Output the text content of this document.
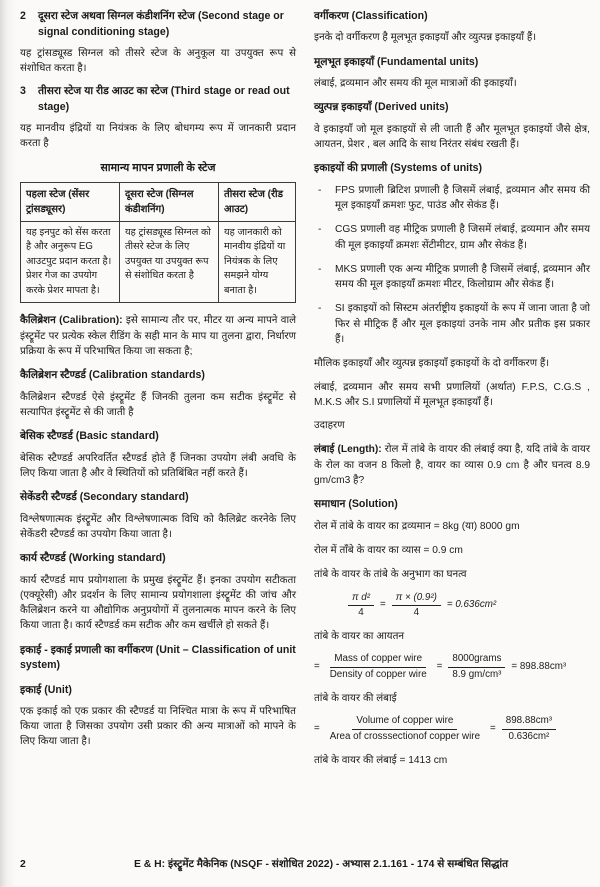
2 दूसरा स्टेज अथवा सिग्नल कंडीशनिंग स्टेज (Second stage or signal conditioning stage)

यह ट्रांसड्यूस्ड सिग्नल को तीसरे स्टेज के अनुकूल या उपयुक्त रूप से संशोधित करता है।

3 तीसरा स्टेज या रीड आउट का स्टेज (Third stage or read out stage)

यह मानवीय इंद्रियों या नियंत्रक के लिए बोधगम्य रूप में जानकारी प्रदान करता है

सामान्य मापन प्रणाली के स्टेज
पहला स्टेज (सेंसर ट्रांसड्यूसर)	दूसरा स्टेज (सिग्नल कंडीशनिंग)	तीसरा स्टेज (रीड आउट)
यह इनपुट को सेंस करता है और अनुरूप EG आउटपुट प्रदान करता है। प्रेशर गेज का उपयोग करके प्रेशर मापता है।	यह ट्रांसड्यूस्ड सिग्नल को तीसरे स्टेज के लिए उपयुक्त या उपयुक्त रूप से संशोधित करता है	यह जानकारी को मानवीय इंद्रियों या नियंत्रक के लिए समझने योग्य बनाता है।

कैलिब्रेशन (Calibration): इसे सामान्य तौर पर, मीटर या अन्य मापने वाले इंस्ट्रूमेंट पर प्रत्येक स्केल रीडिंग के सही मान के माप या तुलना द्वारा, निर्धारण प्रक्रिया के रूप में परिभाषित किया जा सकता है;

कैलिब्रेशन स्टैण्डर्ड (Calibration standards)

कैलिब्रेशन स्टैण्डर्ड ऐसे इंस्ट्रूमेंट हैं जिनकी तुलना कम सटीक इंस्ट्रूमेंट से सत्यापित इंस्ट्रूमेंट से की जाती है

बेसिक स्टैण्डर्ड (Basic standard)

बेसिक स्टैण्डर्ड अपरिवर्तित स्टैण्डर्ड होते हैं जिनका उपयोग लंबी अवधि के लिए किया जाता है और वे स्थितियों को प्रतिबिंबित नहीं करते हैं।

सेकेंडरी स्टैण्डर्ड (Secondary standard)

विश्लेषणात्मक इंस्ट्रूमेंट और विश्लेषणात्मक विधि को कैलिब्रेट करनेके लिए सेकेंडरी स्टैण्डर्ड का उपयोग किया जाता है।

कार्य स्टैण्डर्ड (Working standard)

कार्य स्टैण्डर्ड माप प्रयोगशाला के प्रमुख इंस्ट्रूमेंट हैं। इनका उपयोग सटीकता (एक्यूरेसी) और प्रदर्शन के लिए सामान्य प्रयोगशाला इंस्ट्रूमेंट की जांच और कैलिब्रेशन करने या औद्योगिक अनुप्रयोगों में तुलनात्मक मापन करने के लिए किया जाता है। कार्य स्टैण्डर्ड कम सटीक और कम खर्चीले हो सकते हैं।

इकाई - इकाई प्रणाली का वर्गीकरण (Unit – Classification of unit system)
इकाई (Unit)

एक इकाई को एक प्रकार की स्टैण्डर्ड या निश्चित मात्रा के रूप में परिभाषित किया जाता है जिसका उपयोग उसी प्रकार की अन्य मात्राओं को मापने के लिए किया जाता है।

वर्गीकरण (Classification)

इनके दो वर्गीकरण है मूलभूत इकाइयाँ और व्युत्पन्न इकाइयाँ हैं।

मूलभूत इकाइयाँ (Fundamental units)

लंबाई, द्रव्यमान और समय की मूल मात्राओं की इकाइयाँ।

व्युत्पन्न इकाइयाँ (Derived units)

वे इकाइयाँ जो मूल इकाइयों से ली जाती हैं और मूलभूत इकाइयों जैसे क्षेत्र, आयतन, प्रेशर , बल आदि के साथ निरंतर संबंध रखती हैं।

इकाइयों की प्रणाली (Systems of units)
- FPS प्रणाली ब्रिटिश प्रणाली है जिसमें लंबाई, द्रव्यमान और समय की मूल इकाइयाँ क्रमशः फुट, पाउंड और सेकंड हैं।
- CGS प्रणाली वह मीट्रिक प्रणाली है जिसमें लंबाई, द्रव्यमान और समय की मूल इकाइयाँ क्रमशः सेंटीमीटर, ग्राम और सेकंड हैं।
- MKS प्रणाली एक अन्य मीट्रिक प्रणाली है जिसमें लंबाई, द्रव्यमान और समय की मूल इकाइयाँ क्रमशः मीटर, किलोग्राम और सेकंड हैं।
- SI इकाइयों को सिस्टम अंतर्राष्ट्रीय इकाइयों के रूप में जाना जाता है जो फिर से मीट्रिक हैं और मूल इकाइयां उनके नाम और प्रतीक इस प्रकार हैं।

मौलिक इकाइयाँ और व्युत्पन्न इकाइयाँ इकाइयों के दो वर्गीकरण हैं।

लंबाई, द्रव्यमान और समय सभी प्रणालियों (अर्थात) F.P.S, C.G.S , M.K.S और S.I प्रणालियों में मूलभूत इकाइयाँ हैं।

उदाहरण

लंबाई (Length): रोल में तांबे के वायर की लंबाई क्या है, यदि तांबे के वायर के रोल का वजन 8 किलो है, वायर का व्यास 0.9 cm है और घनत्व 8.9 gm/cm3 है?

समाधान (Solution)

रोल में तांबे के वायर का द्रव्यमान = 8kg (या) 8000 gm

रोल में ताँबे के वायर का व्यास = 0.9 cm

तांबे के वायर के तांबे के अनुभाग का घनत्व

$\frac{\text{π d²}}{4} = \frac{\text{π × (0.9²)}}{4} = 0.636cm^2$

तांबे के वायर का आयतन

= $\frac{\text{Mass of copper wire}}{\text{Density of copper wire}} = \frac{\text{8000grams}}{\text{8.9 gm/cm³}} = 898.88cm^3$

तांबे के वायर की लंबाई

= $\frac{\text{Volume of copper wire}}{\text{Area of crosssectionof copper wire}} = \frac{\text{898.88cm³}}{\text{0.636cm²}}$

तांबे के वायर की लंबाई = 1413 cm

2	E & H: इंस्ट्रूमेंट मैकेनिक (NSQF - संशोधित 2022) - अभ्यास 2.1.161 - 174 से सम्बंधित सिद्धांत
